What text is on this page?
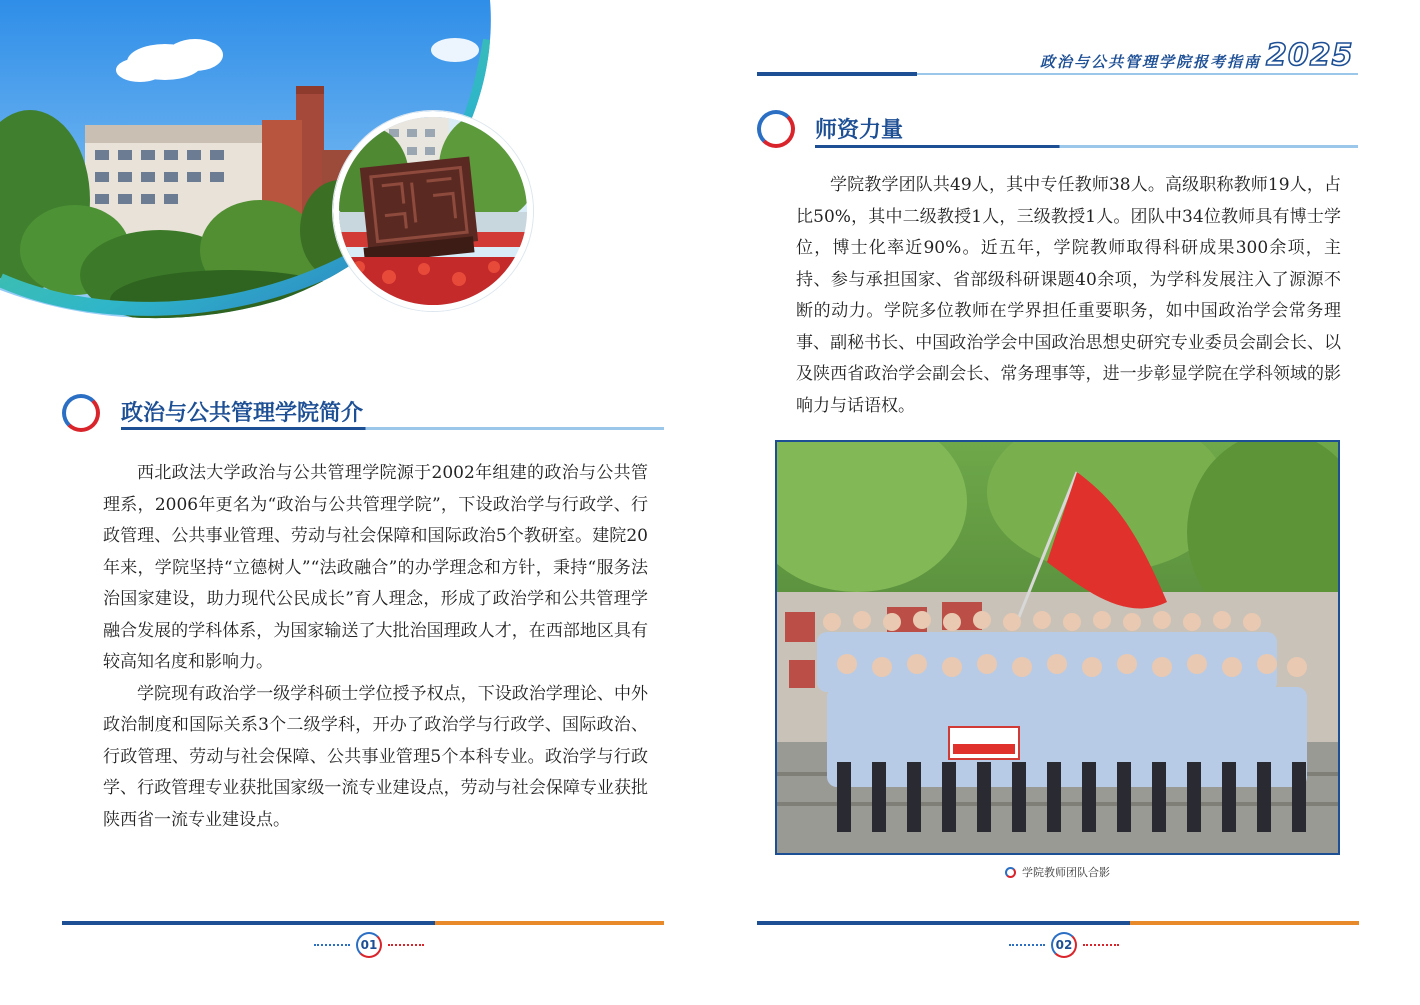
政治与公共管理学院简介

西北政法大学政治与公共管理学院源于2002年组建的政治与公共管理系，2006年更名为“政治与公共管理学院”，下设政治学与行政学、行政管理、公共事业管理、劳动与社会保障和国际政治5个教研室。建院20年来，学院坚持“立德树人”“法政融合”的办学理念和方针，秉持“服务法治国家建设，助力现代公民成长”育人理念，形成了政治学和公共管理学融合发展的学科体系，为国家输送了大批治国理政人才，在西部地区具有较高知名度和影响力。

学院现有政治学一级学科硕士学位授予权点，下设政治学理论、中外政治制度和国际关系3个二级学科，开办了政治学与行政学、国际政治、行政管理、劳动与社会保障、公共事业管理5个本科专业。政治学与行政学、行政管理专业获批国家级一流专业建设点，劳动与社会保障专业获批陕西省一流专业建设点。

01
政治与公共管理学院报考指南 2025
师资力量

学院教学团队共49人，其中专任教师38人。高级职称教师19人，占比50%，其中二级教授1人，三级教授1人。团队中34位教师具有博士学位，博士化率近90%。近五年，学院教师取得科研成果300余项，主持、参与承担国家、省部级科研课题40余项，为学科发展注入了源源不断的动力。学院多位教师在学界担任重要职务，如中国政治学会常务理事、副秘书长、中国政治学会中国政治思想史研究专业委员会副会长、以及陕西省政治学会副会长、常务理事等，进一步彰显学院在学科领域的影响力与话语权。

学院教师团队合影
02
